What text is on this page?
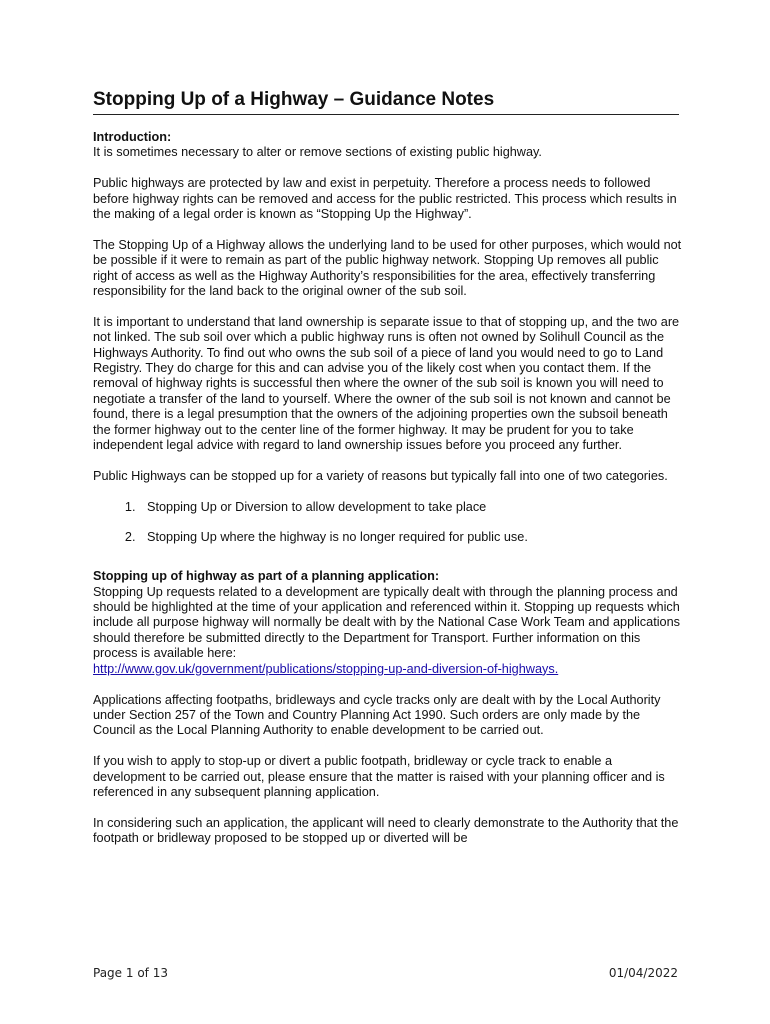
Stopping Up of a Highway – Guidance Notes
Introduction:

It is sometimes necessary to alter or remove sections of existing public highway.

Public highways are protected by law and exist in perpetuity. Therefore a process needs to followed before highway rights can be removed and access for the public restricted. This process which results in the making of a legal order is known as “Stopping Up the Highway”.

The Stopping Up of a Highway allows the underlying land to be used for other purposes, which would not be possible if it were to remain as part of the public highway network. Stopping Up removes all public right of access as well as the Highway Authority’s responsibilities for the area, effectively transferring responsibility for the land back to the original owner of the sub soil.

It is important to understand that land ownership is separate issue to that of stopping up, and the two are not linked. The sub soil over which a public highway runs is often not owned by Solihull Council as the Highways Authority. To find out who owns the sub soil of a piece of land you would need to go to Land Registry. They do charge for this and can advise you of the likely cost when you contact them. If the removal of highway rights is successful then where the owner of the sub soil is known you will need to negotiate a transfer of the land to yourself. Where the owner of the sub soil is not known and cannot be found, there is a legal presumption that the owners of the adjoining properties own the subsoil beneath the former highway out to the center line of the former highway. It may be prudent for you to take independent legal advice with regard to land ownership issues before you proceed any further.

Public Highways can be stopped up for a variety of reasons but typically fall into one of two categories.

1. Stopping Up or Diversion to allow development to take place
2. Stopping Up where the highway is no longer required for public use.
Stopping up of highway as part of a planning application:

Stopping Up requests related to a development are typically dealt with through the planning process and should be highlighted at the time of your application and referenced within it. Stopping up requests which include all purpose highway will normally be dealt with by the National Case Work Team and applications should therefore be submitted directly to the Department for Transport. Further information on this process is available here:
http://www.gov.uk/government/publications/stopping-up-and-diversion-of-highways.

Applications affecting footpaths, bridleways and cycle tracks only are dealt with by the Local Authority under Section 257 of the Town and Country Planning Act 1990. Such orders are only made by the Council as the Local Planning Authority to enable development to be carried out.

If you wish to apply to stop-up or divert a public footpath, bridleway or cycle track to enable a development to be carried out, please ensure that the matter is raised with your planning officer and is referenced in any subsequent planning application.

In considering such an application, the applicant will need to clearly demonstrate to the Authority that the footpath or bridleway proposed to be stopped up or diverted will be

Page 1 of 13	01/04/2022
